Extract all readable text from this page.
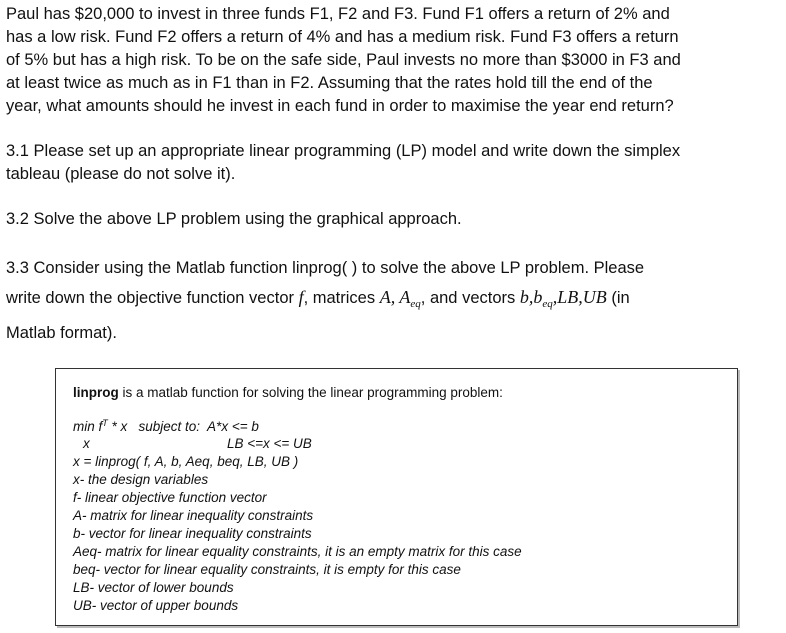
Paul has $20,000 to invest in three funds F1, F2 and F3. Fund F1 offers a return of 2% and
has a low risk. Fund F2 offers a return of 4% and has a medium risk. Fund F3 offers a return
of 5% but has a high risk. To be on the safe side, Paul invests no more than $3000 in F3 and
at least twice as much as in F1 than in F2. Assuming that the rates hold till the end of the
year, what amounts should he invest in each fund in order to maximise the year end return?
3.1 Please set up an appropriate linear programming (LP) model and write down the simplex
tableau (please do not solve it).
3.2 Solve the above LP problem using the graphical approach.
3.3 Consider using the Matlab function linprog( ) to solve the above LP problem. Please
write down the objective function vector f, matrices A, $A_{eq}$, and vectors $b,b_{eq},LB,UB$ (in
Matlab format).
linprog is a matlab function for solving the linear programming problem:
$\min f^T$ * x   subject to:  A*x <= b
x	LB <=x <= UB
x = linprog( f, A, b, Aeq, beq, LB, UB )
x- the design variables
f- linear objective function vector
A- matrix for linear inequality constraints
b- vector for linear inequality constraints
Aeq- matrix for linear equality constraints, it is an empty matrix for this case
beq- vector for linear equality constraints, it is empty for this case
LB- vector of lower bounds
UB- vector of upper bounds
